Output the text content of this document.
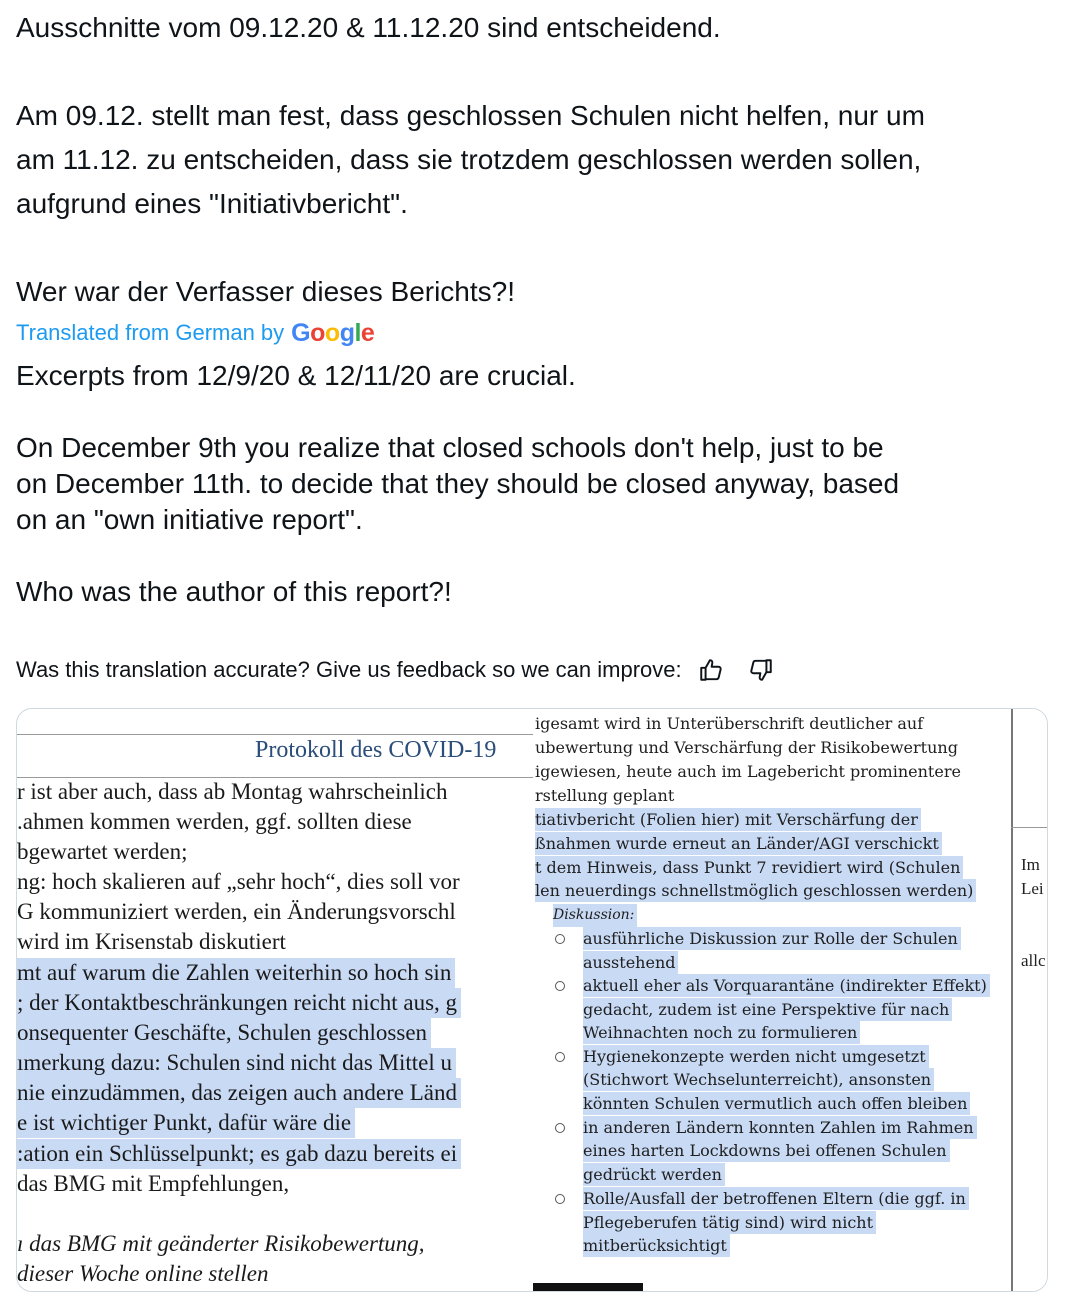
Ausschnitte vom 09.12.20 & 11.12.20 sind entscheidend.

Am 09.12. stellt man fest, dass geschlossen Schulen nicht helfen, nur um

am 11.12. zu entscheiden, dass sie trotzdem geschlossen werden sollen,

aufgrund eines "Initiativbericht".

Wer war der Verfasser dieses Berichts?!

Translated from German by Google

Excerpts from 12/9/20 & 12/11/20 are crucial.

On December 9th you realize that closed schools don't help, just to be

on December 11th. to decide that they should be closed anyway, based

on an "own initiative report".

Who was the author of this report?!

Was this translation accurate? Give us feedback so we can improve:
Protokoll des COVID-19
r ist aber auch, dass ab Montag wahrscheinlich
.ahmen kommen werden, ggf. sollten diese
bgewartet werden;
ng: hoch skalieren auf „sehr hoch“, dies soll vor
G kommuniziert werden, ein Änderungsvorschl
wird im Krisenstab diskutiert
mt auf warum die Zahlen weiterhin so hoch sin
; der Kontaktbeschränkungen reicht nicht aus, g
onsequenter Geschäfte, Schulen geschlossen
ımerkung dazu: Schulen sind nicht das Mittel u
nie einzudämmen, das zeigen auch andere Länd
e ist wichtiger Punkt, dafür wäre die
:ation ein Schlüsselpunkt; es gab dazu bereits ei
das BMG mit Empfehlungen,
ı das BMG mit geänderter Risikobewertung,
dieser Woche online stellen
igesamt wird in Unterüberschrift deutlicher auf
ubewertung und Verschärfung der Risikobewertung
igewiesen, heute auch im Lagebericht prominentere
rstellung geplant
tiativbericht (Folien hier) mit Verschärfung der
ßnahmen wurde erneut an Länder/AGI verschickt
t dem Hinweis, dass Punkt 7 revidiert wird (Schulen
len neuerdings schnellstmöglich geschlossen werden)
Diskussion:
ausführliche Diskussion zur Rolle der Schulen
ausstehend
aktuell eher als Vorquarantäne (indirekter Effekt)
gedacht, zudem ist eine Perspektive für nach
Weihnachten noch zu formulieren
Hygienekonzepte werden nicht umgesetzt
(Stichwort Wechselunterreicht), ansonsten
könnten Schulen vermutlich auch offen bleiben
in anderen Ländern konnten Zahlen im Rahmen
eines harten Lockdowns bei offenen Schulen
gedrückt werden
Rolle/Ausfall der betroffenen Eltern (die ggf. in
Pflegeberufen tätig sind) wird nicht
mitberücksichtigt
Im
Lei
allc
